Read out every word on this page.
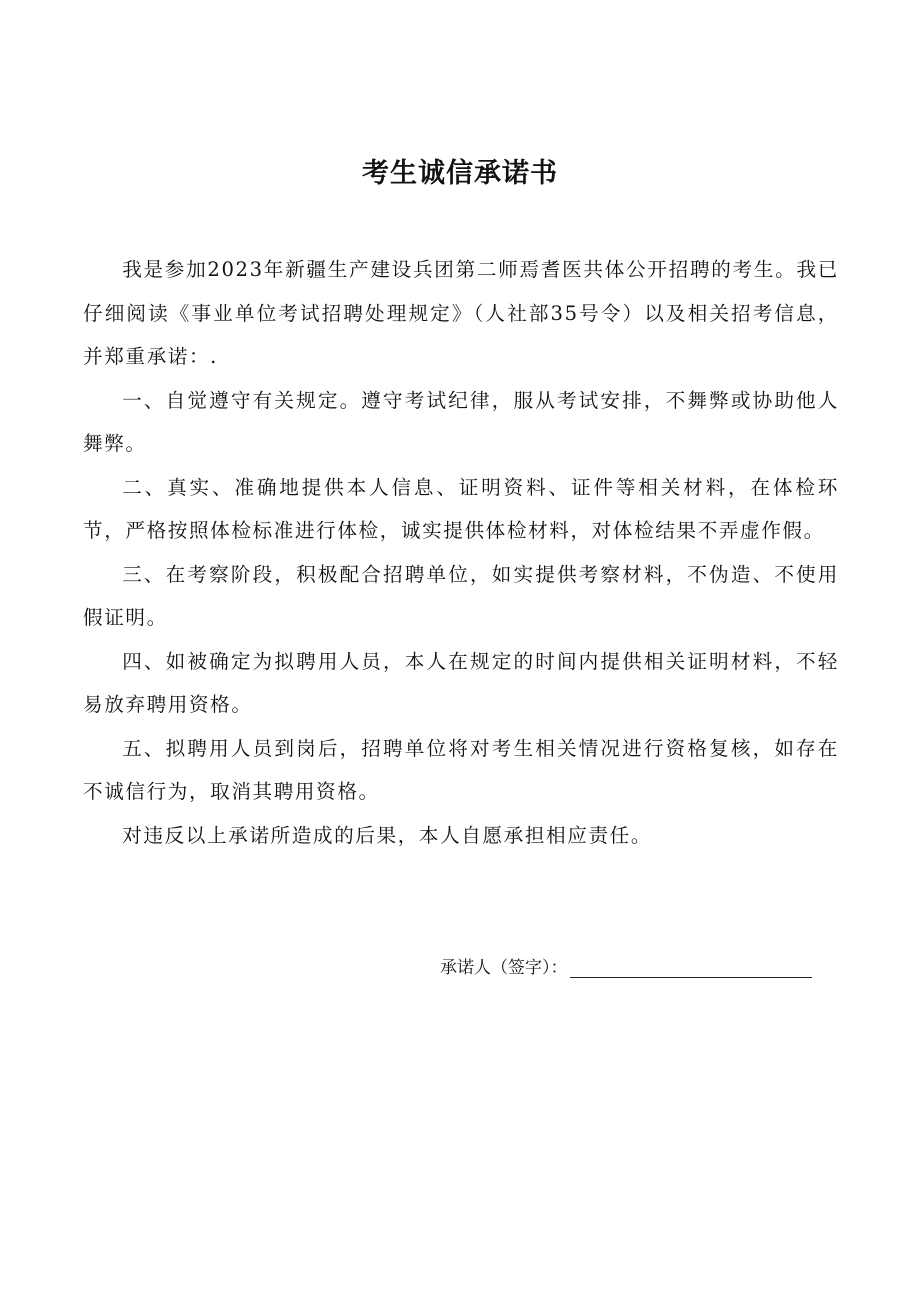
考生诚信承诺书

我是参加2023年新疆生产建设兵团第二师焉耆医共体公开招聘的考生。我已仔细阅读《事业单位考试招聘处理规定》（人社部35号令）以及相关招考信息，并郑重承诺：.

一、自觉遵守有关规定。遵守考试纪律，服从考试安排，不舞弊或协助他人舞弊。

二、真实、准确地提供本人信息、证明资料、证件等相关材料，在体检环节，严格按照体检标准进行体检，诚实提供体检材料，对体检结果不弄虚作假。

三、在考察阶段，积极配合招聘单位，如实提供考察材料，不伪造、不使用假证明。

四、如被确定为拟聘用人员，本人在规定的时间内提供相关证明材料，不轻易放弃聘用资格。

五、拟聘用人员到岗后，招聘单位将对考生相关情况进行资格复核，如存在不诚信行为，取消其聘用资格。

对违反以上承诺所造成的后果，本人自愿承担相应责任。

承诺人（签字）：
